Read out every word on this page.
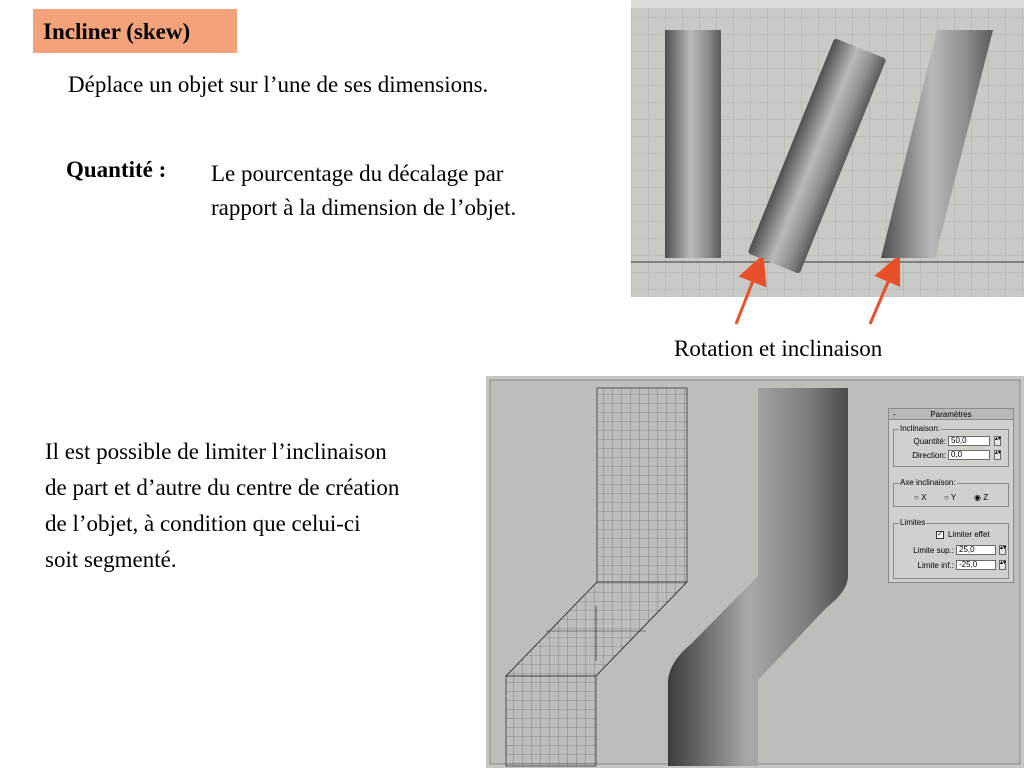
Incliner (skew)
Déplace un objet sur l’une de ses dimensions.
Quantité : Le pourcentage du décalage par
rapport à la dimension de l’objet.
Rotation et inclinaison
Il est possible de limiter l’inclinaison
de part et d’autre du centre de création
de l’objet, à condition que celui-ci
soit segmenté.
-	Paramètres
Inclinaison:
Quantité: 50,0	▴▾
Direction: 0,0	▴▾
Axe inclinaison:
○ X ○ Y ◉ Z
Limites
✓ Limiter effet
Limite sup.: 25,0	▴▾
Limite inf.: -25,0	▴▾
